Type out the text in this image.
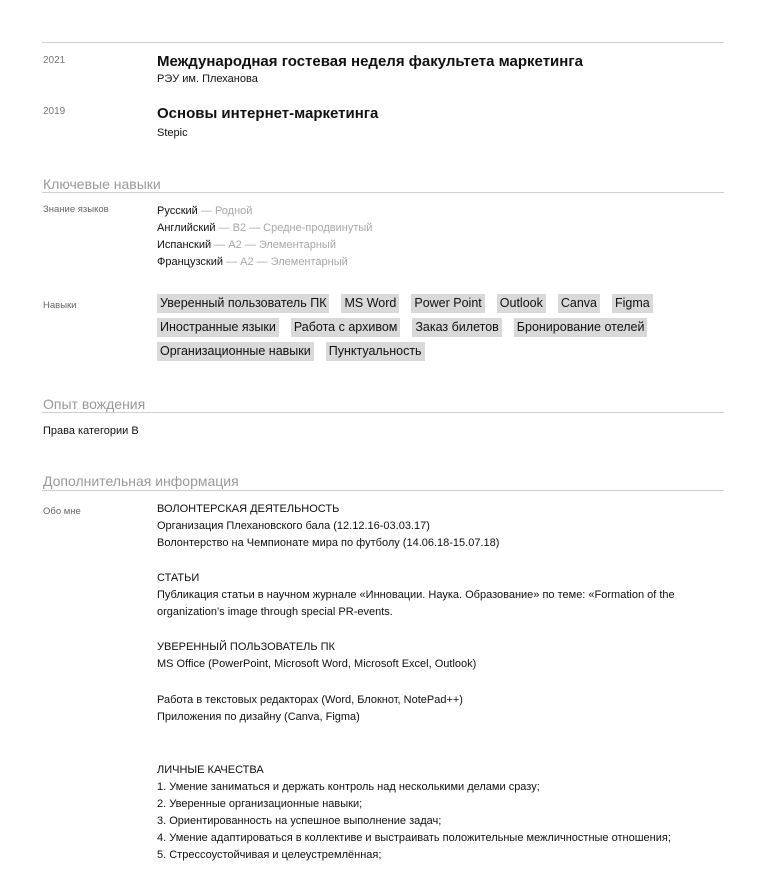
2021	Международная гостевая неделя факультета маркетинга
РЭУ им. Плеханова
2019	Основы интернет-маркетинга
Stepic
Ключевые навыки
Знание языков	Русский — Родной
Английский — B2 — Средне-продвинутый
Испанский — A2 — Элементарный
Французский — A2 — Элементарный
Навыки	Уверенный пользователь ПК MS Word Power Point Outlook Canva Figma
Иностранные языки Работа с архивом Заказ билетов Бронирование отелей
Организационные навыки Пунктуальность
Опыт вождения
Права категории B
Дополнительная информация
Обо мне	ВОЛОНТЕРСКАЯ ДЕЯТЕЛЬНОСТЬ
Организация Плехановского бала (12.12.16-03.03.17)
Волонтерство на Чемпионате мира по футболу (14.06.18-15.07.18)
СТАТЬИ
Публикация статьи в научном журнале «Инновации. Наука. Образование» по теме: «Formation of the organization’s image through special PR-events.
УВЕРЕННЫЙ ПОЛЬЗОВАТЕЛЬ ПК
MS Office (PowerPoint, Microsoft Word, Microsoft Excel, Outlook)
Работа в текстовых редакторах (Word, Блокнот, NotePad++)
Приложения по дизайну (Canva, Figma)
ЛИЧНЫЕ КАЧЕСТВА
1. Умение заниматься и держать контроль над несколькими делами сразу;
2. Уверенные организационные навыки;
3. Ориентированность на успешное выполнение задач;
4. Умение адаптироваться в коллективе и выстраивать положительные межличностные отношения;
5. Стрессоустойчивая и целеустремлённая;
